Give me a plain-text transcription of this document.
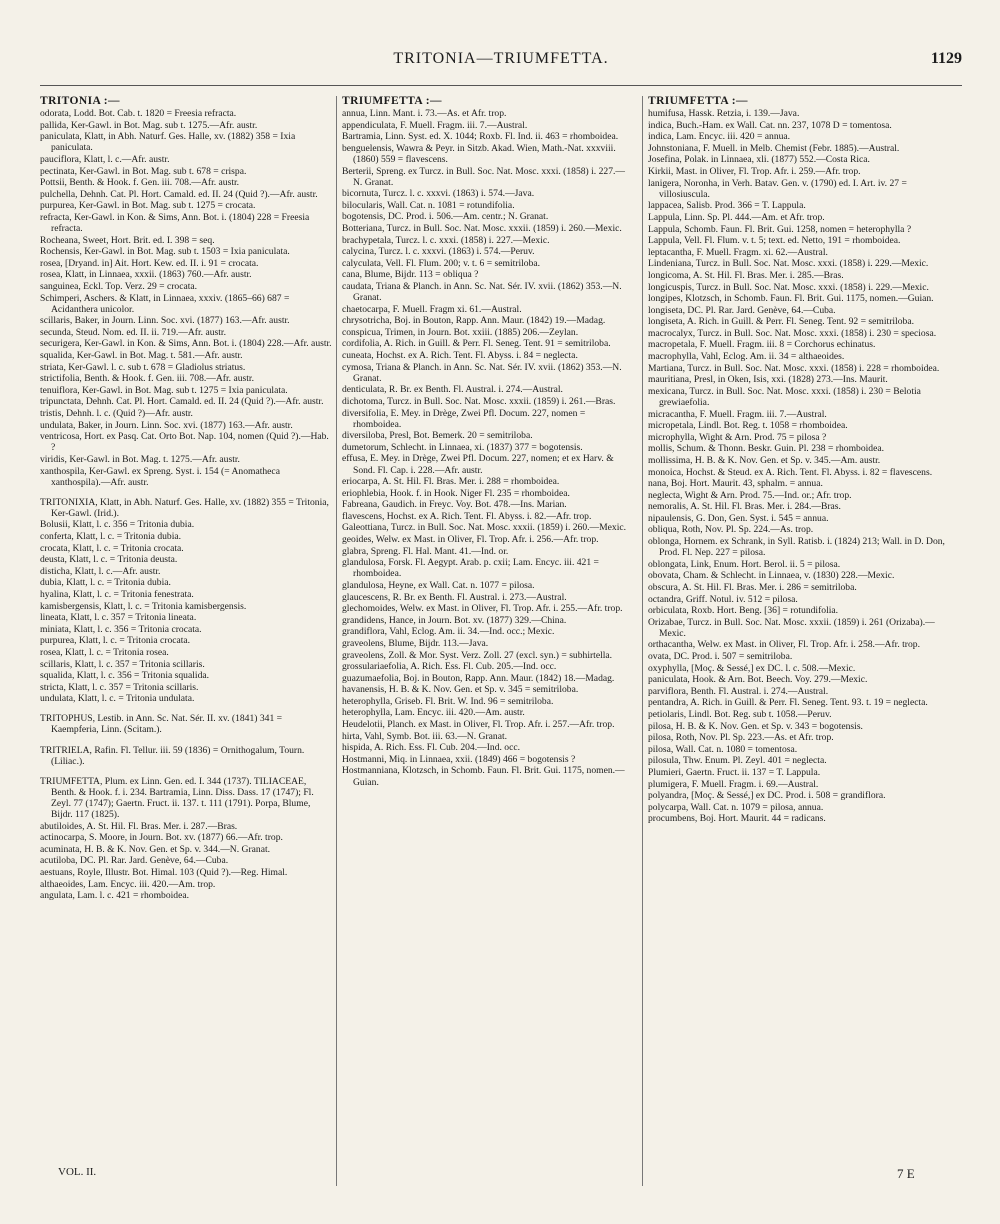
TRITONIA—TRIUMFETTA.	1129
TRITONIA :—
odorata, Lodd. Bot. Cab. t. 1820 = Freesia refracta.
pallida, Ker-Gawl. in Bot. Mag. sub t. 1275.—Afr. austr.
paniculata, Klatt, in Abh. Naturf. Ges. Halle, xv. (1882) 358 = Ixia paniculata.
pauciflora, Klatt, l. c.—Afr. austr.
pectinata, Ker-Gawl. in Bot. Mag. sub t. 678 = crispa.
Pottsii, Benth. & Hook. f. Gen. iii. 708.—Afr. austr.
pulchella, Dehnh. Cat. Pl. Hort. Camald. ed. II. 24 (Quid ?).—Afr. austr.
purpurea, Ker-Gawl. in Bot. Mag. sub t. 1275 = crocata.
refracta, Ker-Gawl. in Kon. & Sims, Ann. Bot. i. (1804) 228 = Freesia refracta.
Rocheana, Sweet, Hort. Brit. ed. I. 398 = seq.
Rochensis, Ker-Gawl. in Bot. Mag. sub t. 1503 = Ixia paniculata.
rosea, [Dryand. in] Ait. Hort. Kew. ed. II. i. 91 = crocata.
rosea, Klatt, in Linnaea, xxxii. (1863) 760.—Afr. austr.
sanguinea, Eckl. Top. Verz. 29 = crocata.
Schimperi, Aschers. & Klatt, in Linnaea, xxxiv. (1865–66) 687 = Acidanthera unicolor.
scillaris, Baker, in Journ. Linn. Soc. xvi. (1877) 163.—Afr. austr.
secunda, Steud. Nom. ed. II. ii. 719.—Afr. austr.
securigera, Ker-Gawl. in Kon. & Sims, Ann. Bot. i. (1804) 228.—Afr. austr.
squalida, Ker-Gawl. in Bot. Mag. t. 581.—Afr. austr.
striata, Ker-Gawl. l. c. sub t. 678 = Gladiolus striatus.
strictifolia, Benth. & Hook. f. Gen. iii. 708.—Afr. austr.
tenuiflora, Ker-Gawl. in Bot. Mag. sub t. 1275 = Ixia paniculata.
tripunctata, Dehnh. Cat. Pl. Hort. Camald. ed. II. 24 (Quid ?).—Afr. austr.
tristis, Dehnh. l. c. (Quid ?)—Afr. austr.
undulata, Baker, in Journ. Linn. Soc. xvi. (1877) 163.—Afr. austr.
ventricosa, Hort. ex Pasq. Cat. Orto Bot. Nap. 104, nomen (Quid ?).—Hab. ?
viridis, Ker-Gawl. in Bot. Mag. t. 1275.—Afr. austr.
xanthospila, Ker-Gawl. ex Spreng. Syst. i. 154 (= Anomatheca xanthospila).—Afr. austr.
TRITONIXIA, Klatt, in Abh. Naturf. Ges. Halle, xv. (1882) 355 = Tritonia, Ker-Gawl. (Irid.).
Bolusii, Klatt, l. c. 356 = Tritonia dubia.
conferta, Klatt, l. c. = Tritonia dubia.
crocata, Klatt, l. c. = Tritonia crocata.
deusta, Klatt, l. c. = Tritonia deusta.
disticha, Klatt, l. c.—Afr. austr.
dubia, Klatt, l. c. = Tritonia dubia.
hyalina, Klatt, l. c. = Tritonia fenestrata.
kamisbergensis, Klatt, l. c. = Tritonia kamisbergensis.
lineata, Klatt, l. c. 357 = Tritonia lineata.
miniata, Klatt, l. c. 356 = Tritonia crocata.
purpurea, Klatt, l. c. = Tritonia crocata.
rosea, Klatt, l. c. = Tritonia rosea.
scillaris, Klatt, l. c. 357 = Tritonia scillaris.
squalida, Klatt, l. c. 356 = Tritonia squalida.
stricta, Klatt, l. c. 357 = Tritonia scillaris.
undulata, Klatt, l. c. = Tritonia undulata.
TRITOPHUS, Lestib. in Ann. Sc. Nat. Sér. II. xv. (1841) 341 = Kaempferia, Linn. (Scitam.).
TRITRIELA, Rafin. Fl. Tellur. iii. 59 (1836) = Ornithogalum, Tourn. (Liliac.).
TRIUMFETTA, Plum. ex Linn. Gen. ed. I. 344 (1737). TILIACEAE, Benth. & Hook. f. i. 234. Bartramia, Linn. Diss. Dass. 17 (1747); Fl. Zeyl. 77 (1747); Gaertn. Fruct. ii. 137. t. 111 (1791). Porpa, Blume, Bijdr. 117 (1825).
abutiloides, A. St. Hil. Fl. Bras. Mer. i. 287.—Bras.
actinocarpa, S. Moore, in Journ. Bot. xv. (1877) 66.—Afr. trop.
acuminata, H. B. & K. Nov. Gen. et Sp. v. 344.—N. Granat.
acutiloba, DC. Pl. Rar. Jard. Genève, 64.—Cuba.
aestuans, Royle, Illustr. Bot. Himal. 103 (Quid ?).—Reg. Himal.
althaeoides, Lam. Encyc. iii. 420.—Am. trop.
angulata, Lam. l. c. 421 = rhomboidea.
TRIUMFETTA :—
annua, Linn. Mant. i. 73.—As. et Afr. trop.
appendiculata, F. Muell. Fragm. iii. 7.—Austral.
Bartramia, Linn. Syst. ed. X. 1044; Roxb. Fl. Ind. ii. 463 = rhomboidea.
benguelensis, Wawra & Peyr. in Sitzb. Akad. Wien, Math.-Nat. xxxviii. (1860) 559 = flavescens.
Berterii, Spreng. ex Turcz. in Bull. Soc. Nat. Mosc. xxxi. (1858) i. 227.—N. Granat.
bicornuta, Turcz. l. c. xxxvi. (1863) i. 574.—Java.
bilocularis, Wall. Cat. n. 1081 = rotundifolia.
bogotensis, DC. Prod. i. 506.—Am. centr.; N. Granat.
Botteriana, Turcz. in Bull. Soc. Nat. Mosc. xxxii. (1859) i. 260.—Mexic.
brachypetala, Turcz. l. c. xxxi. (1858) i. 227.—Mexic.
calycina, Turcz. l. c. xxxvi. (1863) i. 574.—Peruv.
calyculata, Vell. Fl. Flum. 200; v. t. 6 = semitriloba.
cana, Blume, Bijdr. 113 = obliqua ?
caudata, Triana & Planch. in Ann. Sc. Nat. Sér. IV. xvii. (1862) 353.—N. Granat.
chaetocarpa, F. Muell. Fragm xi. 61.—Austral.
chrysotricha, Boj. in Bouton, Rapp. Ann. Maur. (1842) 19.—Madag.
conspicua, Trimen, in Journ. Bot. xxiii. (1885) 206.—Zeylan.
cordifolia, A. Rich. in Guill. & Perr. Fl. Seneg. Tent. 91 = semitriloba.
cuneata, Hochst. ex A. Rich. Tent. Fl. Abyss. i. 84 = neglecta.
cymosa, Triana & Planch. in Ann. Sc. Nat. Sér. IV. xvii. (1862) 353.—N. Granat.
denticulata, R. Br. ex Benth. Fl. Austral. i. 274.—Austral.
dichotoma, Turcz. in Bull. Soc. Nat. Mosc. xxxii. (1859) i. 261.—Bras.
diversifolia, E. Mey. in Drège, Zwei Pfl. Docum. 227, nomen = rhomboidea.
diversiloba, Presl, Bot. Bemerk. 20 = semitriloba.
dumetorum, Schlecht. in Linnaea, xi. (1837) 377 = bogotensis.
effusa, E. Mey. in Drège, Zwei Pfl. Docum. 227, nomen; et ex Harv. & Sond. Fl. Cap. i. 228.—Afr. austr.
eriocarpa, A. St. Hil. Fl. Bras. Mer. i. 288 = rhomboidea.
eriophlebia, Hook. f. in Hook. Niger Fl. 235 = rhomboidea.
Fabreana, Gaudich. in Freyc. Voy. Bot. 478.—Ins. Marian.
flavescens, Hochst. ex A. Rich. Tent. Fl. Abyss. i. 82.—Afr. trop.
Galeottiana, Turcz. in Bull. Soc. Nat. Mosc. xxxii. (1859) i. 260.—Mexic.
geoides, Welw. ex Mast. in Oliver, Fl. Trop. Afr. i. 256.—Afr. trop.
glabra, Spreng. Fl. Hal. Mant. 41.—Ind. or.
glandulosa, Forsk. Fl. Aegypt. Arab. p. cxii; Lam. Encyc. iii. 421 = rhomboidea.
glandulosa, Heyne, ex Wall. Cat. n. 1077 = pilosa.
glaucescens, R. Br. ex Benth. Fl. Austral. i. 273.—Austral.
glechomoides, Welw. ex Mast. in Oliver, Fl. Trop. Afr. i. 255.—Afr. trop.
grandidens, Hance, in Journ. Bot. xv. (1877) 329.—China.
grandiflora, Vahl, Eclog. Am. ii. 34.—Ind. occ.; Mexic.
graveolens, Blume, Bijdr. 113.—Java.
graveolens, Zoll. & Mor. Syst. Verz. Zoll. 27 (excl. syn.) = subhirtella.
grossulariaefolia, A. Rich. Ess. Fl. Cub. 205.—Ind. occ.
guazumaefolia, Boj. in Bouton, Rapp. Ann. Maur. (1842) 18.—Madag.
havanensis, H. B. & K. Nov. Gen. et Sp. v. 345 = semitriloba.
heterophylla, Griseb. Fl. Brit. W. Ind. 96 = semitriloba.
heterophylla, Lam. Encyc. iii. 420.—Am. austr.
Heudelotii, Planch. ex Mast. in Oliver, Fl. Trop. Afr. i. 257.—Afr. trop.
hirta, Vahl, Symb. Bot. iii. 63.—N. Granat.
hispida, A. Rich. Ess. Fl. Cub. 204.—Ind. occ.
Hostmanni, Miq. in Linnaea, xxii. (1849) 466 = bogotensis ?
Hostmanniana, Klotzsch, in Schomb. Faun. Fl. Brit. Gui. 1175, nomen.—Guian.
TRIUMFETTA :—
humifusa, Hassk. Retzia, i. 139.—Java.
indica, Buch.-Ham. ex Wall. Cat. nn. 237, 1078 D = tomentosa.
indica, Lam. Encyc. iii. 420 = annua.
Johnstoniana, F. Muell. in Melb. Chemist (Febr. 1885).—Austral.
Josefina, Polak. in Linnaea, xli. (1877) 552.—Costa Rica.
Kirkii, Mast. in Oliver, Fl. Trop. Afr. i. 259.—Afr. trop.
lanigera, Noronha, in Verh. Batav. Gen. v. (1790) ed. I. Art. iv. 27 = villosiuscula.
lappacea, Salisb. Prod. 366 = T. Lappula.
Lappula, Linn. Sp. Pl. 444.—Am. et Afr. trop.
Lappula, Schomb. Faun. Fl. Brit. Gui. 1258, nomen = heterophylla ?
Lappula, Vell. Fl. Flum. v. t. 5; text. ed. Netto, 191 = rhomboidea.
leptacantha, F. Muell. Fragm. xi. 62.—Austral.
Lindeniana, Turcz. in Bull. Soc. Nat. Mosc. xxxi. (1858) i. 229.—Mexic.
longicoma, A. St. Hil. Fl. Bras. Mer. i. 285.—Bras.
longicuspis, Turcz. in Bull. Soc. Nat. Mosc. xxxi. (1858) i. 229.—Mexic.
longipes, Klotzsch, in Schomb. Faun. Fl. Brit. Gui. 1175, nomen.—Guian.
longiseta, DC. Pl. Rar. Jard. Genève, 64.—Cuba.
longiseta, A. Rich. in Guill. & Perr. Fl. Seneg. Tent. 92 = semitriloba.
macrocalyx, Turcz. in Bull. Soc. Nat. Mosc. xxxi. (1858) i. 230 = speciosa.
macropetala, F. Muell. Fragm. iii. 8 = Corchorus echinatus.
macrophylla, Vahl, Eclog. Am. ii. 34 = althaeoides.
Martiana, Turcz. in Bull. Soc. Nat. Mosc. xxxi. (1858) i. 228 = rhomboidea.
mauritiana, Presl, in Oken, Isis, xxi. (1828) 273.—Ins. Maurit.
mexicana, Turcz. in Bull. Soc. Nat. Mosc. xxxi. (1858) i. 230 = Belotia grewiaefolia.
micracantha, F. Muell. Fragm. iii. 7.—Austral.
micropetala, Lindl. Bot. Reg. t. 1058 = rhomboidea.
microphylla, Wight & Arn. Prod. 75 = pilosa ?
mollis, Schum. & Thonn. Beskr. Guin. Pl. 238 = rhomboidea.
mollissima, H. B. & K. Nov. Gen. et Sp. v. 345.—Am. austr.
monoica, Hochst. & Steud. ex A. Rich. Tent. Fl. Abyss. i. 82 = flavescens.
nana, Boj. Hort. Maurit. 43, sphalm. = annua.
neglecta, Wight & Arn. Prod. 75.—Ind. or.; Afr. trop.
nemoralis, A. St. Hil. Fl. Bras. Mer. i. 284.—Bras.
nipaulensis, G. Don, Gen. Syst. i. 545 = annua.
obliqua, Roth, Nov. Pl. Sp. 224.—As. trop.
oblonga, Hornem. ex Schrank, in Syll. Ratisb. i. (1824) 213; Wall. in D. Don, Prod. Fl. Nep. 227 = pilosa.
oblongata, Link, Enum. Hort. Berol. ii. 5 = pilosa.
obovata, Cham. & Schlecht. in Linnaea, v. (1830) 228.—Mexic.
obscura, A. St. Hil. Fl. Bras. Mer. i. 286 = semitriloba.
octandra, Griff. Notul. iv. 512 = pilosa.
orbiculata, Roxb. Hort. Beng. [36] = rotundifolia.
Orizabae, Turcz. in Bull. Soc. Nat. Mosc. xxxii. (1859) i. 261 (Orizaba).—Mexic.
orthacantha, Welw. ex Mast. in Oliver, Fl. Trop. Afr. i. 258.—Afr. trop.
ovata, DC. Prod. i. 507 = semitriloba.
oxyphylla, [Moç. & Sessé,] ex DC. l. c. 508.—Mexic.
paniculata, Hook. & Arn. Bot. Beech. Voy. 279.—Mexic.
parviflora, Benth. Fl. Austral. i. 274.—Austral.
pentandra, A. Rich. in Guill. & Perr. Fl. Seneg. Tent. 93. t. 19 = neglecta.
petiolaris, Lindl. Bot. Reg. sub t. 1058.—Peruv.
pilosa, H. B. & K. Nov. Gen. et Sp. v. 343 = bogotensis.
pilosa, Roth, Nov. Pl. Sp. 223.—As. et Afr. trop.
pilosa, Wall. Cat. n. 1080 = tomentosa.
pilosula, Thw. Enum. Pl. Zeyl. 401 = neglecta.
Plumieri, Gaertn. Fruct. ii. 137 = T. Lappula.
plumigera, F. Muell. Fragm. i. 69.—Austral.
polyandra, [Moç. & Sessé,] ex DC. Prod. i. 508 = grandiflora.
polycarpa, Wall. Cat. n. 1079 = pilosa, annua.
procumbens, Boj. Hort. Maurit. 44 = radicans.
VOL. II.	7 E
